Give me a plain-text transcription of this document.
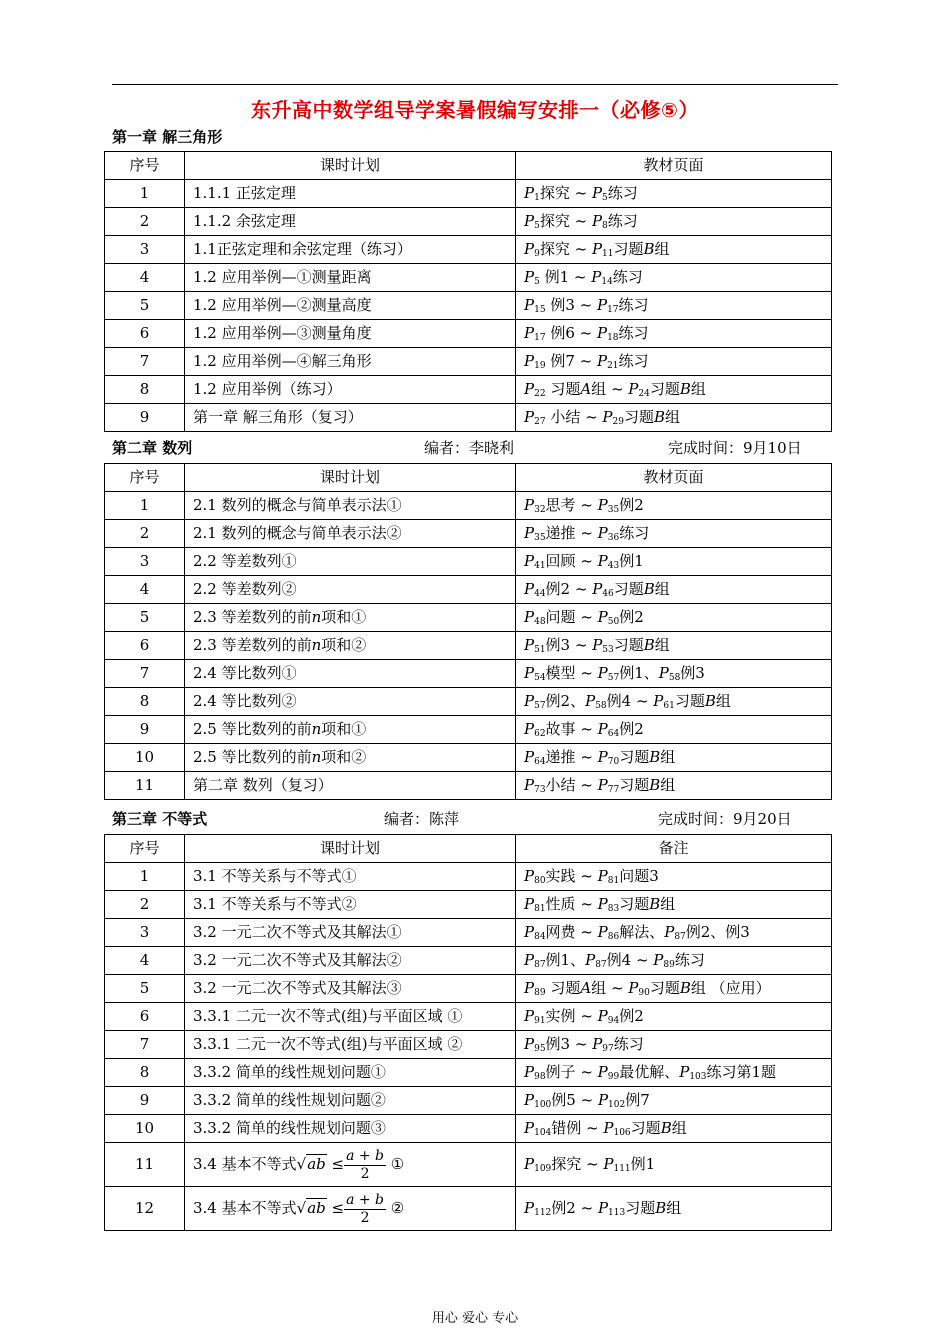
东升高中数学组导学案暑假编写安排一（必修⑤）
第一章 解三角形
序号	课时计划	教材页面
1	1.1.1 正弦定理	$P_1$探究 ~ $P_5$练习
2	1.1.2 余弦定理	$P_5$探究 ~ $P_8$练习
3	1.1正弦定理和余弦定理（练习）	$P_9$探究 ~ $P_{11}$习题B组
4	1.2 应用举例—①测量距离	$P_5$ 例1 ~ $P_{14}$练习
5	1.2 应用举例—②测量高度	$P_{15}$ 例3 ~ $P_{17}$练习
6	1.2 应用举例—③测量角度	$P_{17}$ 例6 ~ $P_{18}$练习
7	1.2 应用举例—④解三角形	$P_{19}$ 例7 ~ $P_{21}$练习
8	1.2 应用举例（练习）	$P_{22}$ 习题A组 ~ $P_{24}$习题B组
9	第一章 解三角形（复习）	$P_{27}$ 小结 ~ $P_{29}$习题B组
第二章 数列	编者：李晓利	完成时间：9月10日
序号	课时计划	教材页面
1	2.1 数列的概念与简单表示法①	$P_{32}$思考 ~ $P_{35}$例2
2	2.1 数列的概念与简单表示法②	$P_{35}$递推 ~ $P_{36}$练习
3	2.2 等差数列①	$P_{41}$回顾 ~ $P_{43}$例1
4	2.2 等差数列②	$P_{44}$例2 ~ $P_{46}$习题B组
5	2.3 等差数列的前n项和①	$P_{48}$问题 ~ $P_{50}$例2
6	2.3 等差数列的前n项和②	$P_{51}$例3 ~ $P_{53}$习题B组
7	2.4 等比数列①	$P_{54}$模型 ~ $P_{57}$例1、$P_{58}$例3
8	2.4 等比数列②	$P_{57}$例2、$P_{58}$例4 ~ $P_{61}$习题B组
9	2.5 等比数列的前n项和①	$P_{62}$故事 ~ $P_{64}$例2
10	2.5 等比数列的前n项和②	$P_{64}$递推 ~ $P_{70}$习题B组
11	第二章 数列（复习）	$P_{73}$小结 ~ $P_{77}$习题B组
第三章 不等式	编者：陈萍	完成时间：9月20日
序号	课时计划	备注
1	3.1 不等关系与不等式①	$P_{80}$实践 ~ $P_{81}$问题3
2	3.1 不等关系与不等式②	$P_{81}$性质 ~ $P_{83}$习题B组
3	3.2 一元二次不等式及其解法①	$P_{84}$网费 ~ $P_{86}$解法、$P_{87}$例2、例3
4	3.2 一元二次不等式及其解法②	$P_{87}$例1、$P_{87}$例4 ~ $P_{89}$练习
5	3.2 一元二次不等式及其解法③	$P_{89}$ 习题A组 ~ $P_{90}$习题B组 （应用）
6	3.3.1 二元一次不等式(组)与平面区域 ①	$P_{91}$实例 ~ $P_{94}$例2
7	3.3.1 二元一次不等式(组)与平面区域 ②	$P_{95}$例3 ~ $P_{97}$练习
8	3.3.2 简单的线性规划问题①	$P_{98}$例子 ~ $P_{99}$最优解、$P_{103}$练习第1题
9	3.3.2 简单的线性规划问题②	$P_{100}$例5 ~ $P_{102}$例7
10	3.3.2 简单的线性规划问题③	$P_{104}$错例 ~ $P_{106}$习题B组
11	3.4 基本不等式$√ab \le \frac{a + b}{2}$ ①	$P_{109}$探究 ~ $P_{111}$例1
12	3.4 基本不等式$√ab \le \frac{a + b}{2}$ ②	$P_{112}$例2 ~ $P_{113}$习题B组
用心 爱心 专心
